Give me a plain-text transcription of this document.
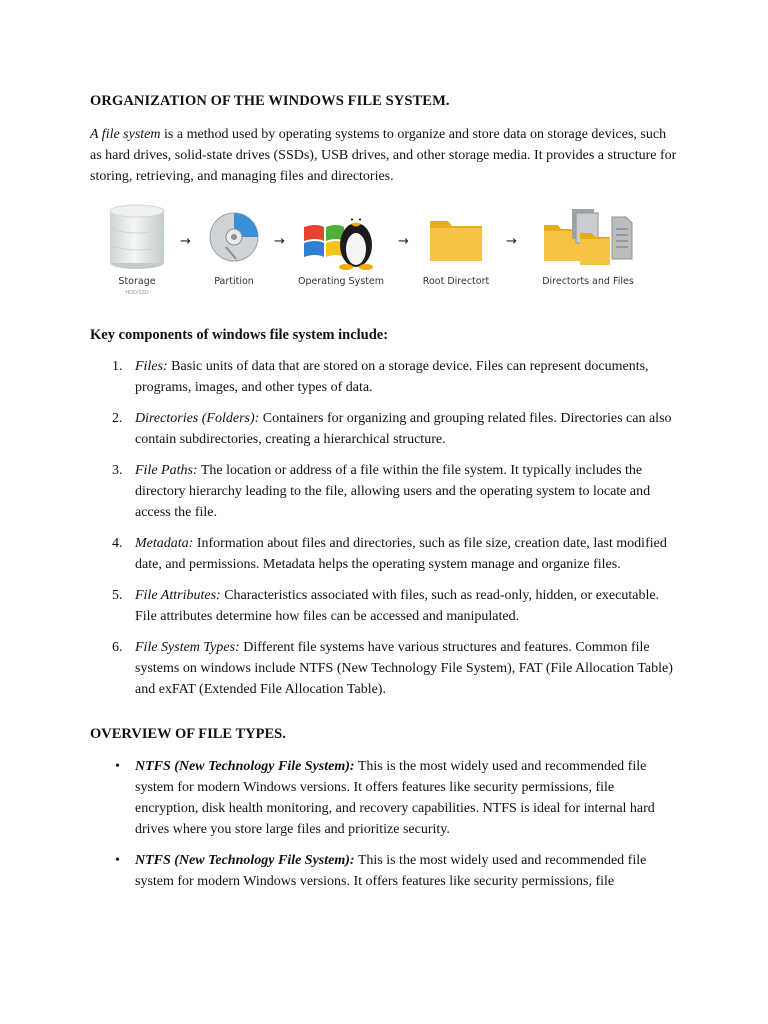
ORGANIZATION OF THE WINDOWS FILE SYSTEM.

A file system is a method used by operating systems to organize and store data on storage devices, such as hard drives, solid-state drives (SSDs), USB drives, and other storage media. It provides a structure for storing, retrieving, and managing files and directories.

Storage
HDD/SSD
→
Partition
→
Operating System
→
Root Directort
→
Directorts and Files
Key components of windows file system include:
1. Files: Basic units of data that are stored on a storage device. Files can represent documents, programs, images, and other types of data.
2. Directories (Folders): Containers for organizing and grouping related files. Directories can also contain subdirectories, creating a hierarchical structure.
3. File Paths: The location or address of a file within the file system. It typically includes the directory hierarchy leading to the file, allowing users and the operating system to locate and access the file.
4. Metadata: Information about files and directories, such as file size, creation date, last modified date, and permissions. Metadata helps the operating system manage and organize files.
5. File Attributes: Characteristics associated with files, such as read-only, hidden, or executable. File attributes determine how files can be accessed and manipulated.
6. File System Types: Different file systems have various structures and features. Common file systems on windows include NTFS (New Technology File System), FAT (File Allocation Table) and exFAT (Extended File Allocation Table).
OVERVIEW OF FILE TYPES.
• NTFS (New Technology File System): This is the most widely used and recommended file system for modern Windows versions. It offers features like security permissions, file encryption, disk health monitoring, and recovery capabilities. NTFS is ideal for internal hard drives where you store large files and prioritize security.
• NTFS (New Technology File System): This is the most widely used and recommended file system for modern Windows versions. It offers features like security permissions, file
